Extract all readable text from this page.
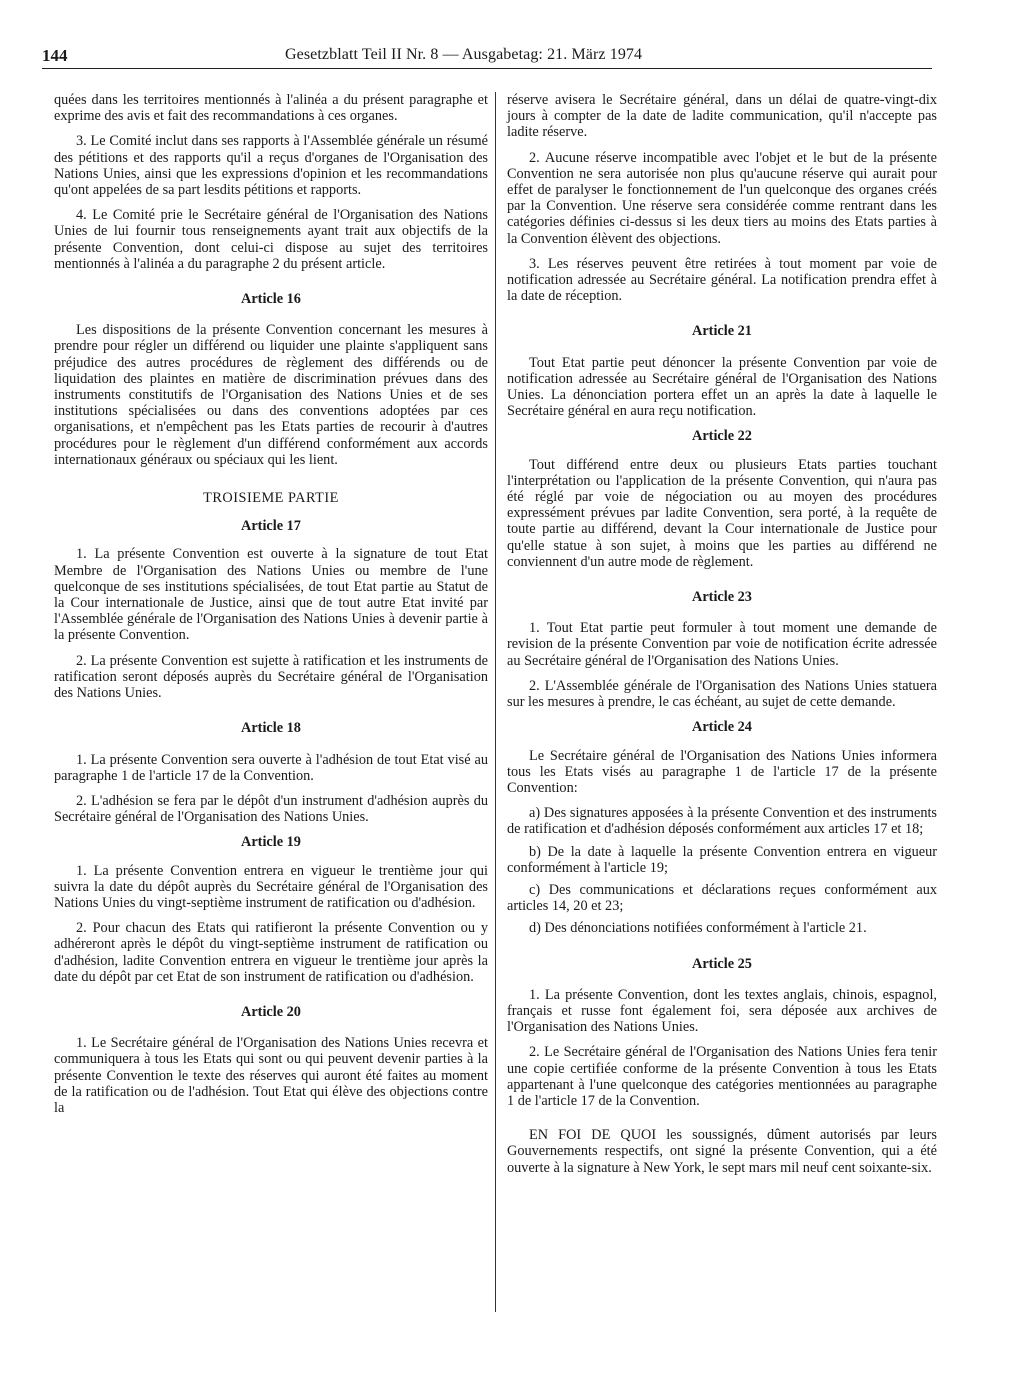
144	Gesetzblatt Teil II Nr. 8 — Ausgabetag: 21. März 1974

quées dans les territoires mentionnés à l'alinéa a du présent paragraphe et exprime des avis et fait des recommandations à ces organes.

3. Le Comité inclut dans ses rapports à l'Assemblée générale un résumé des pétitions et des rapports qu'il a reçus d'organes de l'Organisation des Nations Unies, ainsi que les expressions d'opinion et les recommandations qu'ont appelées de sa part lesdits pétitions et rapports.

4. Le Comité prie le Secrétaire général de l'Organisation des Nations Unies de lui fournir tous renseignements ayant trait aux objectifs de la présente Convention, dont celui-ci dispose au sujet des territoires mentionnés à l'alinéa a du paragraphe 2 du présent article.

Article 16

Les dispositions de la présente Convention concernant les mesures à prendre pour régler un différend ou liquider une plainte s'appliquent sans préjudice des autres procédures de règlement des différends ou de liquidation des plaintes en matière de discrimination prévues dans des instruments constitutifs de l'Organisation des Nations Unies et de ses institutions spécialisées ou dans des conventions adoptées par ces organisations, et n'empêchent pas les Etats parties de recourir à d'autres procédures pour le règlement d'un différend conformément aux accords internationaux généraux ou spéciaux qui les lient.

TROISIEME PARTIE
Article 17

1. La présente Convention est ouverte à la signature de tout Etat Membre de l'Organisation des Nations Unies ou membre de l'une quelconque de ses institutions spécialisées, de tout Etat partie au Statut de la Cour internationale de Justice, ainsi que de tout autre Etat invité par l'Assemblée générale de l'Organisation des Nations Unies à devenir partie à la présente Convention.

2. La présente Convention est sujette à ratification et les instruments de ratification seront déposés auprès du Secrétaire général de l'Organisation des Nations Unies.

Article 18

1. La présente Convention sera ouverte à l'adhésion de tout Etat visé au paragraphe 1 de l'article 17 de la Convention.

2. L'adhésion se fera par le dépôt d'un instrument d'adhésion auprès du Secrétaire général de l'Organisation des Nations Unies.

Article 19

1. La présente Convention entrera en vigueur le trentième jour qui suivra la date du dépôt auprès du Secrétaire général de l'Organisation des Nations Unies du vingt-septième instrument de ratification ou d'adhésion.

2. Pour chacun des Etats qui ratifieront la présente Convention ou y adhéreront après le dépôt du vingt-septième instrument de ratification ou d'adhésion, ladite Convention entrera en vigueur le trentième jour après la date du dépôt par cet Etat de son instrument de ratification ou d'adhésion.

Article 20

1. Le Secrétaire général de l'Organisation des Nations Unies recevra et communiquera à tous les Etats qui sont ou qui peuvent devenir parties à la présente Convention le texte des réserves qui auront été faites au moment de la ratification ou de l'adhésion. Tout Etat qui élève des objections contre la

réserve avisera le Secrétaire général, dans un délai de quatre-vingt-dix jours à compter de la date de ladite communication, qu'il n'accepte pas ladite réserve.

2. Aucune réserve incompatible avec l'objet et le but de la présente Convention ne sera autorisée non plus qu'aucune réserve qui aurait pour effet de paralyser le fonctionnement de l'un quelconque des organes créés par la Convention. Une réserve sera considérée comme rentrant dans les catégories définies ci-dessus si les deux tiers au moins des Etats parties à la Convention élèvent des objections.

3. Les réserves peuvent être retirées à tout moment par voie de notification adressée au Secrétaire général. La notification prendra effet à la date de réception.

Article 21

Tout Etat partie peut dénoncer la présente Convention par voie de notification adressée au Secrétaire général de l'Organisation des Nations Unies. La dénonciation portera effet un an après la date à laquelle le Secrétaire général en aura reçu notification.

Article 22

Tout différend entre deux ou plusieurs Etats parties touchant l'interprétation ou l'application de la présente Convention, qui n'aura pas été réglé par voie de négociation ou au moyen des procédures expressément prévues par ladite Convention, sera porté, à la requête de toute partie au différend, devant la Cour internationale de Justice pour qu'elle statue à son sujet, à moins que les parties au différend ne conviennent d'un autre mode de règlement.

Article 23

1. Tout Etat partie peut formuler à tout moment une demande de revision de la présente Convention par voie de notification écrite adressée au Secrétaire général de l'Organisation des Nations Unies.

2. L'Assemblée générale de l'Organisation des Nations Unies statuera sur les mesures à prendre, le cas échéant, au sujet de cette demande.

Article 24

Le Secrétaire général de l'Organisation des Nations Unies informera tous les Etats visés au paragraphe 1 de l'article 17 de la présente Convention:

a) Des signatures apposées à la présente Convention et des instruments de ratification et d'adhésion déposés conformément aux articles 17 et 18;

b) De la date à laquelle la présente Convention entrera en vigueur conformément à l'article 19;

c) Des communications et déclarations reçues conformément aux articles 14, 20 et 23;

d) Des dénonciations notifiées conformément à l'article 21.

Article 25

1. La présente Convention, dont les textes anglais, chinois, espagnol, français et russe font également foi, sera déposée aux archives de l'Organisation des Nations Unies.

2. Le Secrétaire général de l'Organisation des Nations Unies fera tenir une copie certifiée conforme de la présente Convention à tous les Etats appartenant à l'une quelconque des catégories mentionnées au paragraphe 1 de l'article 17 de la Convention.

EN FOI DE QUOI les soussignés, dûment autorisés par leurs Gouvernements respectifs, ont signé la présente Convention, qui a été ouverte à la signature à New York, le sept mars mil neuf cent soixante-six.
